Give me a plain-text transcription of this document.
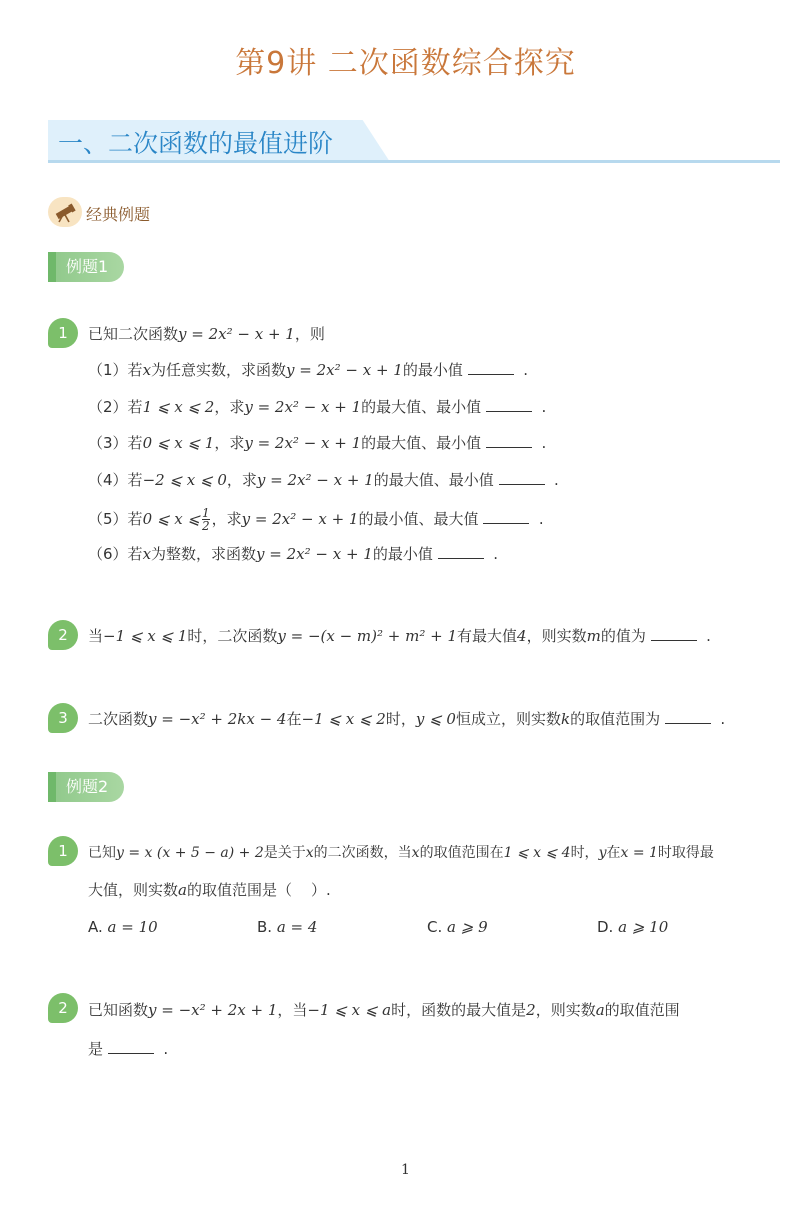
第9讲 二次函数综合探究
一、二次函数的最值进阶
经典例题
例题1
1	已知二次函数y = 2x² − x + 1，则
（1）若x为任意实数，求函数y = 2x² − x + 1的最小值	.
（2）若1 ⩽ x ⩽ 2，求y = 2x² − x + 1的最大值、最小值	.
（3）若0 ⩽ x ⩽ 1，求y = 2x² − x + 1的最大值、最小值	.
（4）若−2 ⩽ x ⩽ 0，求y = 2x² − x + 1的最大值、最小值	.
（5）若0 ⩽ x ⩽ $\frac{1}{2}$ ，求y = 2x² − x + 1的最小值、最大值	.
（6）若x为整数，求函数y = 2x² − x + 1的最小值	.
2	当−1 ⩽ x ⩽ 1时，二次函数y = −(x − m)² + m² + 1有最大值4，则实数m的值为	.
3	二次函数y = −x² + 2kx − 4在−1 ⩽ x ⩽ 2时，y ⩽ 0恒成立，则实数k的取值范围为	.
例题2
1	已知y = x (x + 5 − a) + 2是关于x的二次函数，当x的取值范围在1 ⩽ x ⩽ 4时，y在x = 1时取得最
大值，则实数a的取值范围是（    ）.
A. a = 10	B. a = 4	C. a ⩾ 9	D. a ⩾ 10
2	已知函数y = −x² + 2x + 1，当−1 ⩽ x ⩽ a时，函数的最大值是2，则实数a的取值范围
是	.
1
